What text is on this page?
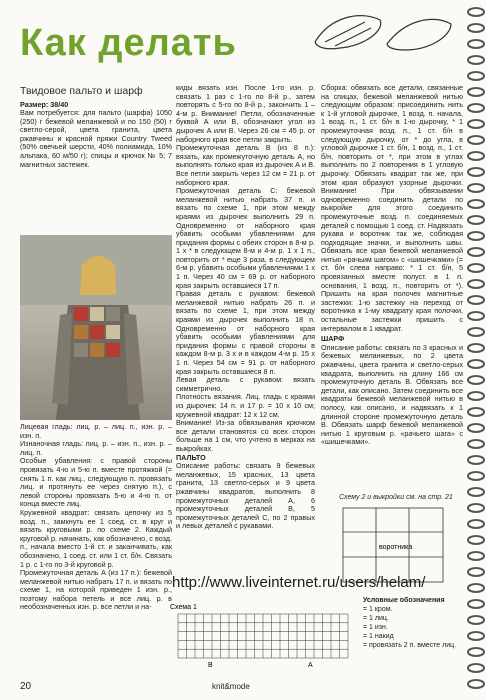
Как делать
Твидовое пальто и шарф

Размер: 38/40

Вам потребуется: для пальто (шарфа) 1050 (250) г бежевой меланжевой и по 150 (50) г светло-серой, цвета гранита, цвета ржавчины и красной пряжи Country Tweed (50% овечьей шерсти, 40% полиамида, 10% альпака, 60 м/50 г); спицы и крючок № 5; 7 магнитных застежек.

Лицевая гладь: лиц. р. – лиц. п., изн. р. – изн. п.

Изнаночная гладь: лиц. р. – изн. п., изн. р. – лиц. п.

Особые убавления: с правой стороны провязать 4-ю и 5-ю п. вместе протяжкой (= снять 1 п. как лиц., следующую п. провязать лиц. и протянуть ее через снятую п.), с левой стороны провязать 5-ю и 4-ю п. от конца вместе лиц.

Кружевной квадрат: связать цепочку из 5 возд. п., замкнуть ее 1 соед. ст. в круг и вязать круговыми р. по схеме 2. Каждый круговой р. начинать, как обозначено, с возд. п., начала вместо 1-й ст. и заканчивать, как обозначено, 1 соед. ст. или 1 ст. б/н. Связать 1 р. с 1-го по 3-й круговой р.

Промежуточная деталь А (из 17 п.): бежевой меланжевой нитью набрать 17 п. и вязать по схеме 1, на которой приведен 1 изн. р., поэтому набора петель и все лиц. р. в необозначенных изн. р. все петли и на-

киды вязать изн. После 1-го изн. р. связать 1 раз с 1-го по 8-й р., затем повторять с 5-го по 8-й р., закончить 1 – 4-м р. Внимание! Петли, обозначенные буквой А или В, обозначают угол из дырочек А или В. Через 26 см = 45 р. от наборного края все петли закрыть.

Промежуточная деталь В (из 8 п.): вязать, как промежуточную деталь А, но выполнять только края из дырочек А и В. Все петли закрыть через 12 см = 21 р. от наборного края.

Промежуточная деталь С: бежевой меланжевой нитью набрать 37 п. и вязать по схеме 1, при этом между краями из дырочек выполнить 29 п. Одновременно от наборного края убавить особыми убавлениями для придания формы с обеих сторон в 8-м р. 1 х * в следующем 8-м и 4-м р. 1 х 1 п., повторить от * еще 3 раза, в следующем 6-м р. убавить особыми убавлениями 1 х 1 п. Через 40 см = 69 р. от наборного края закрыть оставшиеся 17 п.

Правая деталь с рукавом: бежевой меланжевой нитью набрать 26 п. и вязать по схеме 1, при этом между краями из дырочек выполнить 18 п. Одновременно от наборного края убавить особыми убавлениями для придания формы с правой стороны в каждом 8-м р. 3 х и в каждом 4-м р. 15 х 1 п. Через 54 см = 91 р. от наборного края закрыть оставшиеся 8 п.

Левая деталь с рукавом: вязать симметрично.

Плотность вязания. Лиц. гладь с краями из дырочек: 14 п. и 17 р. = 10 х 10 см; кружевной квадрат: 12 х 12 см.

Внимание! Из-за обвязывания крючком все детали становятся со всех сторон больше на 1 см, что учтено в мерках на выкройках.

ПАЛЬТО

Описание работы: связать 9 бежевых меланжевых, 15 красных, 13 цвета гранита, 13 светло-серых и 9 цвета ржавчины квадратов, выполнить 8 промежуточных деталей А, 6 промежуточных деталей В, 5 промежуточных деталей С, по 2 правых и левых деталей с рукавами.

Сборка: обвязать все детали, связанные на спицах, бежевой меланжевой нитью следующим образом: присоединить нить к 1-й угловой дырочке, 1 возд. п. начала, 1 возд. п., 1 ст. б/н в 1-ю дырочку, * 1 промежуточная возд. п., 1 ст. б/н в следующую дырочку, от * до угла, в угловой дырочке 1 ст. б/н, 1 возд. п., 1 ст. б/н, повторить от *, при этом в углах выполнить по 2 повторения в 1 угловую дырочку. Обвязать квадрат так же, при этом края образуют узорные дырочки. Внимание! При обвязывании одновременно соединить детали по выкройке для этого соединить промежуточные возд. п. соединяемых деталей с помощью 1 соед. ст. Надвязать рукава и воротник так же, соблюдая подходящие значки, и выполнить швы. Обвязать все края бежевой меланжевой нитью «рачьим шагом» с «шишечками» (= ст. б/н слева направо: * 1 ст. б/н, 5 провязанных вместе полуст. в 1 п. основания, 1 возд. п., повторять от *). Пришить на края полочек магнитные застежки: 1-ю застежку на переход от воротника к 1-му квадрату края полочки, остальные застежки пришить с интервалом в 1 квадрат.

ШАРФ

Описание работы: связать по 3 красных и бежевых меланжевых, по 2 цвета ржавчины, цвета гранита и светло-серых квадрата, выполнить на длину 166 см промежуточную деталь В. Обвязать все детали, как описано. Затем соединить все квадраты бежевой меланжевой нитью в полосу, как описано, и надвязать к 1 длинной стороне промежуточную деталь В. Обвязать шарф бежевой меланжевой нитью 1 круговым р. «рачьего шага» с «шишечками».

Схему 2 и выкройки см. на стр. 21
воротника
http://www.liveinternet.ru/users/helam/
Схема 1
B	A
Условные обозначения
= 1 кром.
= 1 лиц.
= 1 изн.
= 1 накид
= провязать 2 п. вместе лиц.
20	knit&mode
